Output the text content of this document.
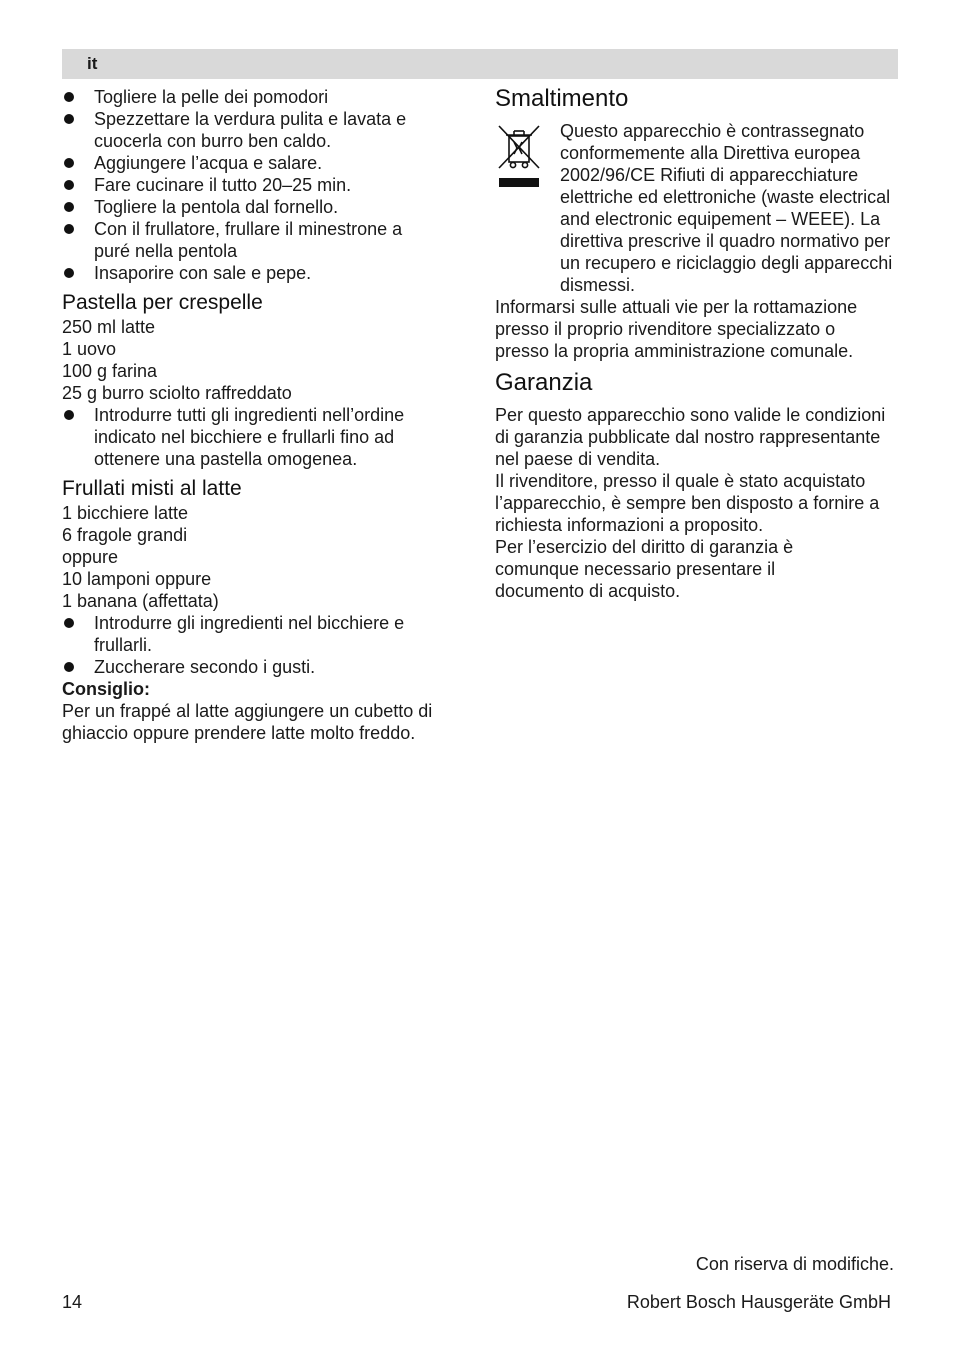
it
Togliere la pelle dei pomodori
Spezzettare la verdura pulita e lavata e cuocerla con burro ben caldo.
Aggiungere l’acqua e salare.
Fare cucinare il tutto 20–25 min.
Togliere la pentola dal fornello.
Con il frullatore, frullare il minestrone a puré nella pentola
Insaporire con sale e pepe.
Pastella per crespelle

250 ml latte

1 uovo

100 g farina

25 g burro sciolto raffreddato

Introdurre tutti gli ingredienti nell’ordine indicato nel bicchiere e frullarli fino ad ottenere una pastella omogenea.
Frullati misti al latte

1 bicchiere latte

6 fragole grandi

oppure

10 lamponi oppure

1 banana (affettata)

Introdurre gli ingredienti nel bicchiere e frullarli.
Zuccherare secondo i gusti.

Consiglio:

Per un frappé al latte aggiungere un cubetto di ghiaccio oppure prendere latte molto freddo.

Smaltimento

Questo apparecchio è contrassegnato conformemente alla Direttiva europea 2002/96/CE Rifiuti di apparecchiature elettriche ed elettroniche (waste electrical and electronic equipement – WEEE). La direttiva prescrive il quadro normativo per un recupero e riciclaggio degli apparecchi dismessi.

Informarsi sulle attuali vie per la rottamazione presso il proprio rivenditore specializzato o presso la propria amministrazione comunale.

Garanzia

Per questo apparecchio sono valide le condizioni di garanzia pubblicate dal nostro rappresentante nel paese di vendita.

Il rivenditore, presso il quale è stato acquistato l’apparecchio, è sempre ben disposto a fornire a richiesta informazioni a proposito.

Per l’esercizio del diritto di garanzia è comunque necessario presentare il documento di acquisto.

Con riserva di modifiche.
14	Robert Bosch Hausgeräte GmbH
